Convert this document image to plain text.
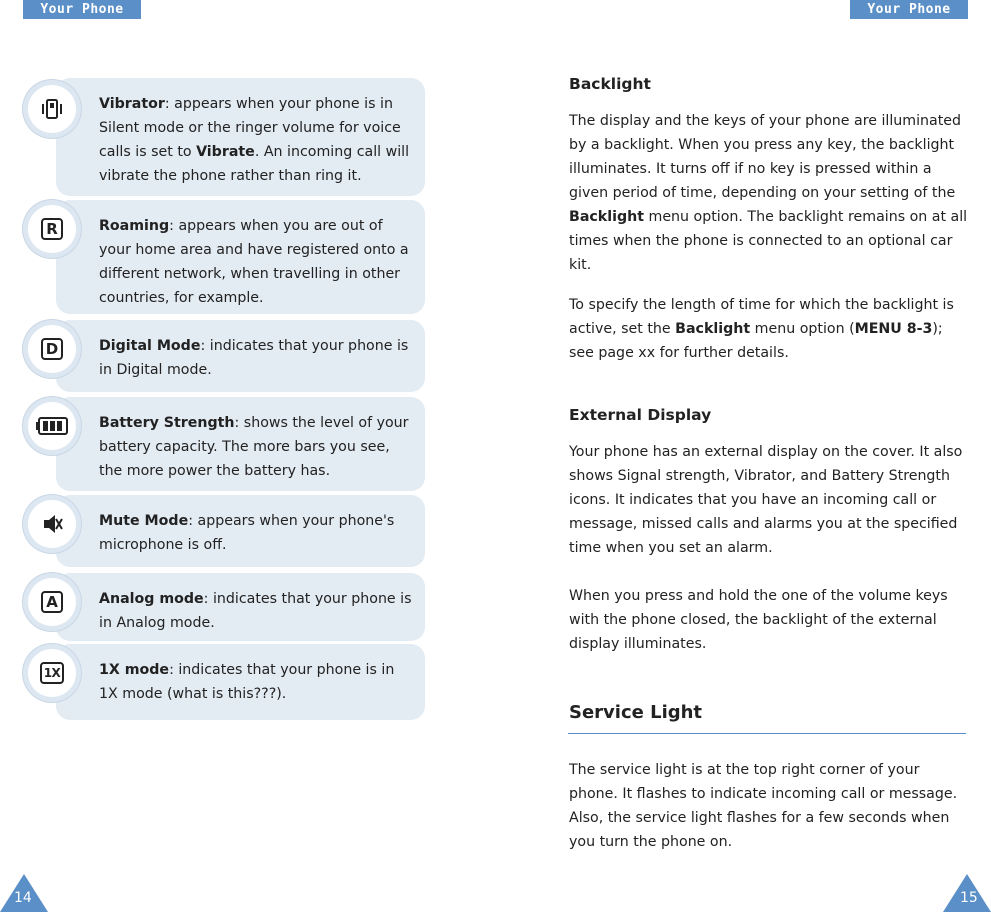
Your Phone	Your Phone
Vibrator: appears when your phone is in Silent mode or the ringer volume for voice calls is set to Vibrate. An incoming call will vibrate the phone rather than ring it.
R	Roaming: appears when you are out of your home area and have registered onto a different network, when travelling in other countries, for example.
D	Digital Mode: indicates that your phone is in Digital mode.
Battery Strength: shows the level of your battery capacity. The more bars you see, the more power the battery has.
Mute Mode: appears when your phone's microphone is off.
A	Analog mode: indicates that your phone is in Analog mode.
1X	1X mode: indicates that your phone is in 1X mode (what is this???).
Backlight
The display and the keys of your phone are illuminated by a backlight. When you press any key, the backlight illuminates. It turns off if no key is pressed within a given period of time, depending on your setting of the Backlight menu option. The backlight remains on at all times when the phone is connected to an optional car kit.
To specify the length of time for which the backlight is active, set the Backlight menu option (MENU 8-3); see page xx for further details.
External Display
Your phone has an external display on the cover. It also shows Signal strength, Vibrator, and Battery Strength icons. It indicates that you have an incoming call or message, missed calls and alarms you at the specified time when you set an alarm.
When you press and hold the one of the volume keys with the phone closed, the backlight of the external display illuminates.
Service Light
The service light is at the top right corner of your phone. It flashes to indicate incoming call or message. Also, the service light flashes for a few seconds when you turn the phone on.
14	15
